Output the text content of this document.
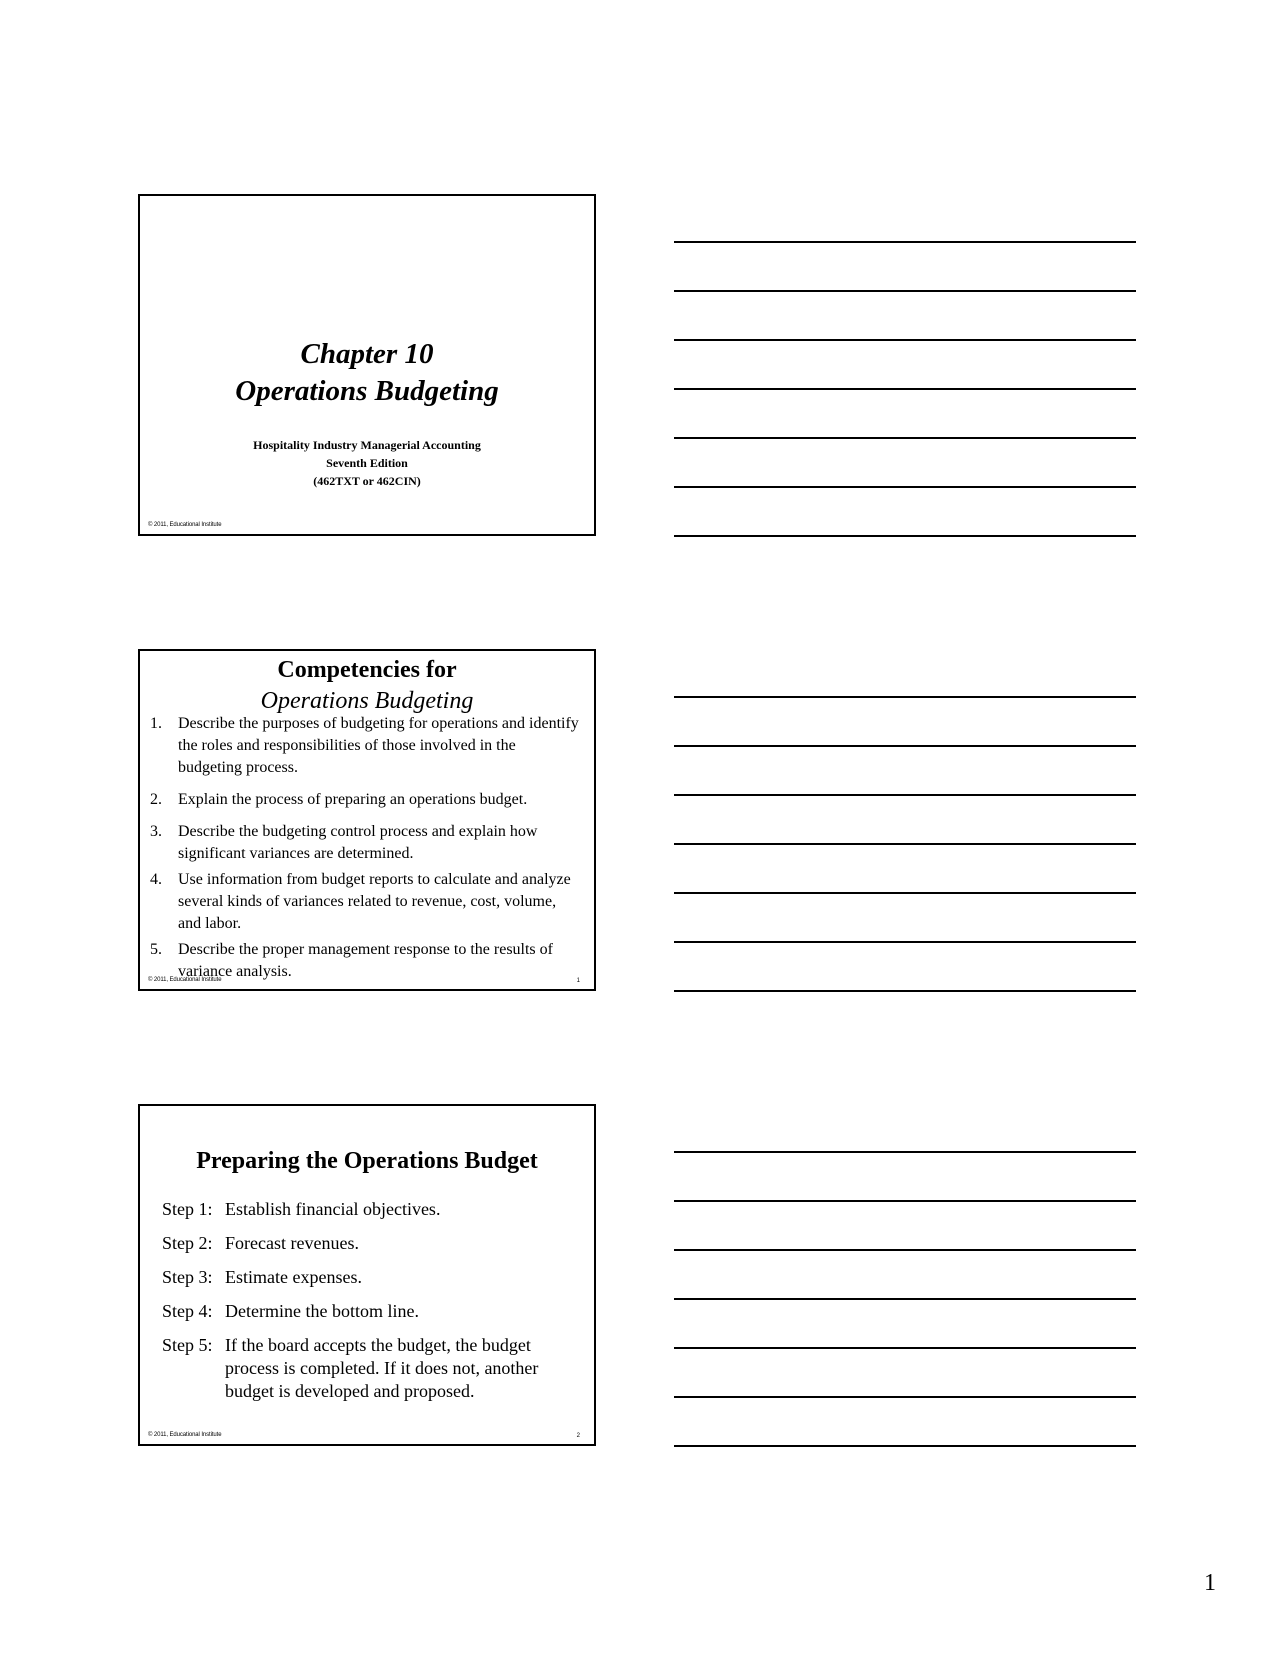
Chapter 10
Operations Budgeting
Hospitality Industry Managerial Accounting
Seventh Edition
(462TXT or 462CIN)
© 2011, Educational Institute
Competencies for
Operations Budgeting
1. Describe the purposes of budgeting for operations and identify the roles and responsibilities of those involved in the budgeting process.
2. Explain the process of preparing an operations budget.
3. Describe the budgeting control process and explain how significant variances are determined.
4. Use information from budget reports to calculate and analyze several kinds of variances related to revenue, cost, volume, and labor.
5. Describe the proper management response to the results of variance analysis.
© 2011, Educational Institute	1
Preparing the Operations Budget
Step 1: Establish financial objectives.
Step 2: Forecast revenues.
Step 3: Estimate expenses.
Step 4: Determine the bottom line.
Step 5: If the board accepts the budget, the budget process is completed. If it does not, another budget is developed and proposed.
© 2011, Educational Institute	2
1
